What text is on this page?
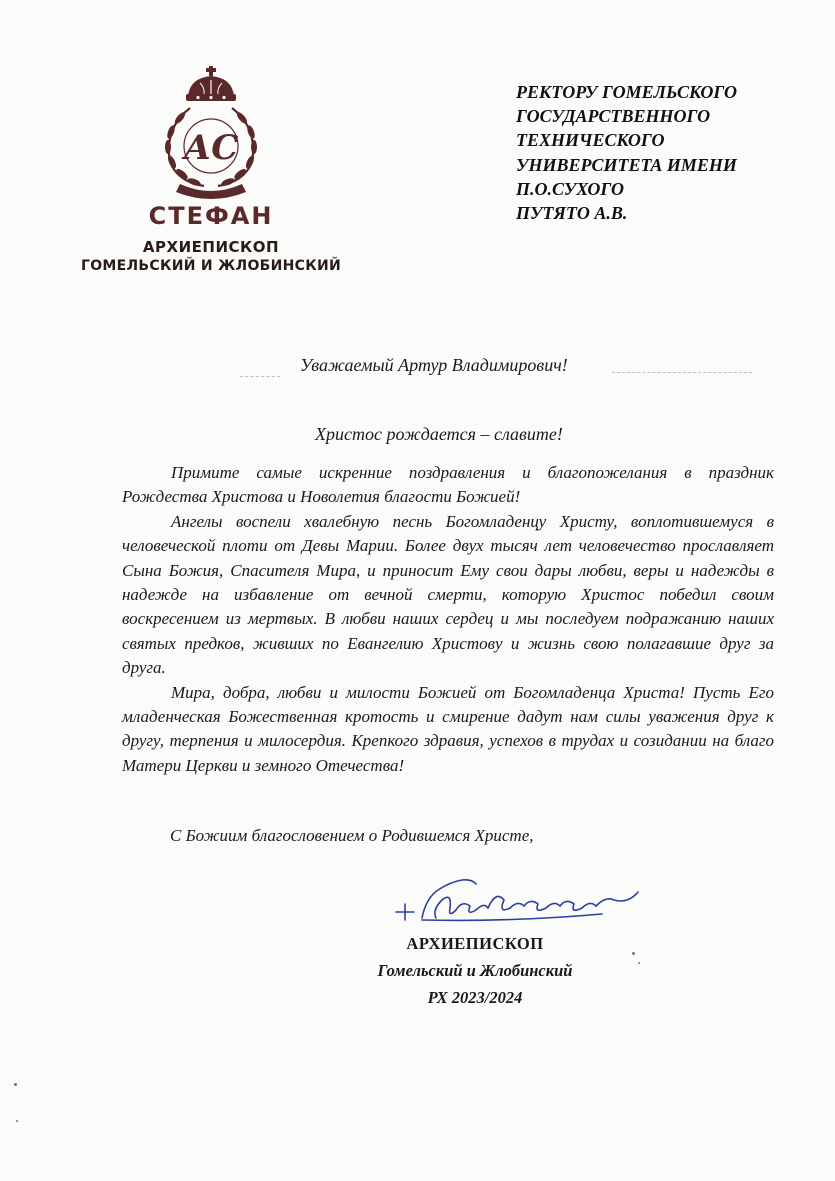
АС
СТЕФАН
АРХИЕПИСКОП
ГОМЕЛЬСКИЙ И ЖЛОБИНСКИЙ
РЕКТОРУ ГОМЕЛЬСКОГО
ГОСУДАРСТВЕННОГО
ТЕХНИЧЕСКОГО
УНИВЕРСИТЕТА ИМЕНИ
П.О.СУХОГО
ПУТЯТО А.В.
Уважаемый Артур Владимирович!
Христос рождается – славите!

Примите самые искренние поздравления и благопожелания в праздник Рождества Христова и Новолетия благости Божией!

Ангелы воспели хвалебную песнь Богомладенцу Христу, воплотившемуся в человеческой плоти от Девы Марии. Более двух тысяч лет человечество прославляет Сына Божия, Спасителя Мира, и приносит Ему свои дары любви, веры и надежды в надежде на избавление от вечной смерти, которую Христос победил своим воскресением из мертвых. В любви наших сердец и мы последуем подражанию наших святых предков, живших по Евангелию Христову и жизнь свою полагавшие друг за друга.

Мира, добра, любви и милости Божией от Богомладенца Христа! Пусть Его младенческая Божественная кротость и смирение дадут нам силы уважения друг к другу, терпения и милосердия. Крепкого здравия, успехов в трудах и созидании на благо Матери Церкви и земного Отечества!

С Божиим благословением о Родившемся Христе,
АРХИЕПИСКОП
Гомельский и Жлобинский
РХ 2023/2024
